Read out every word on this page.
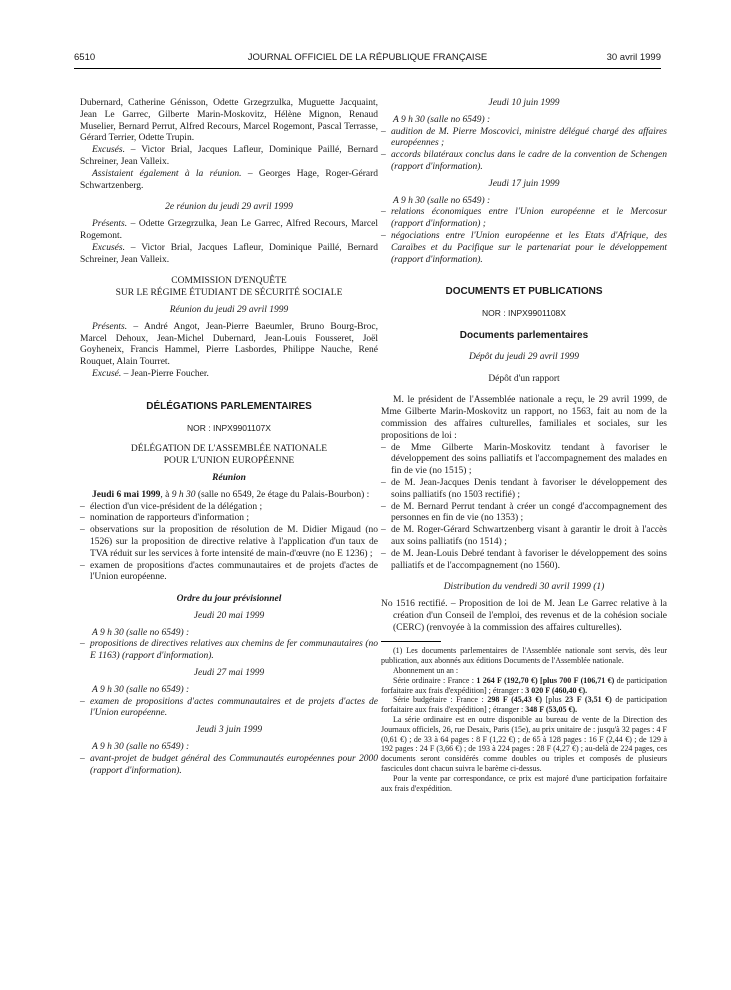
6510	JOURNAL OFFICIEL DE LA RÉPUBLIQUE FRANÇAISE	30 avril 1999

Dubernard, Catherine Génisson, Odette Grzegrzulka, Muguette Jacquaint, Jean Le Garrec, Gilberte Marin-Moskovitz, Hélène Mignon, Renaud Muselier, Bernard Perrut, Alfred Recours, Marcel Rogemont, Pascal Terrasse, Gérard Terrier, Odette Trupin.

Excusés. – Victor Brial, Jacques Lafleur, Dominique Paillé, Bernard Schreiner, Jean Valleix.

Assistaient également à la réunion. – Georges Hage, Roger-Gérard Schwartzenberg.

2e réunion du jeudi 29 avril 1999

Présents. – Odette Grzegrzulka, Jean Le Garrec, Alfred Recours, Marcel Rogemont.

Excusés. – Victor Brial, Jacques Lafleur, Dominique Paillé, Bernard Schreiner, Jean Valleix.

COMMISSION D'ENQUÊTE

SUR LE RÉGIME ÉTUDIANT DE SÉCURITÉ SOCIALE

Réunion du jeudi 29 avril 1999

Présents. – André Angot, Jean-Pierre Baeumler, Bruno Bourg-Broc, Marcel Dehoux, Jean-Michel Dubernard, Jean-Louis Fousseret, Joël Goyheneix, Francis Hammel, Pierre Lasbordes, Philippe Nauche, René Rouquet, Alain Tourret.

Excusé. – Jean-Pierre Foucher.

DÉLÉGATIONS PARLEMENTAIRES

NOR : INPX9901107X

DÉLÉGATION DE L'ASSEMBLÉE NATIONALE

POUR L'UNION EUROPÉENNE

Réunion

Jeudi 6 mai 1999, à 9 h 30 (salle no 6549, 2e étage du Palais-Bourbon) :

– élection d'un vice-président de la délégation ;
– nomination de rapporteurs d'information ;
– observations sur la proposition de résolution de M. Didier Migaud (no 1526) sur la proposition de directive relative à l'application d'un taux de TVA réduit sur les services à forte intensité de main-d'œuvre (no E 1236) ;
– examen de propositions d'actes communautaires et de projets d'actes de l'Union européenne.

Ordre du jour prévisionnel

Jeudi 20 mai 1999

A 9 h 30 (salle no 6549) :

– propositions de directives relatives aux chemins de fer communautaires (no E 1163) (rapport d'information).

Jeudi 27 mai 1999

A 9 h 30 (salle no 6549) :

– examen de propositions d'actes communautaires et de projets d'actes de l'Union européenne.

Jeudi 3 juin 1999

A 9 h 30 (salle no 6549) :

– avant-projet de budget général des Communautés européennes pour 2000 (rapport d'information).

Jeudi 10 juin 1999

A 9 h 30 (salle no 6549) :

– audition de M. Pierre Moscovici, ministre délégué chargé des affaires européennes ;
– accords bilatéraux conclus dans le cadre de la convention de Schengen (rapport d'information).

Jeudi 17 juin 1999

A 9 h 30 (salle no 6549) :

– relations économiques entre l'Union européenne et le Mercosur (rapport d'information) ;
– négociations entre l'Union européenne et les Etats d'Afrique, des Caraïbes et du Pacifique sur le partenariat pour le développement (rapport d'information).

DOCUMENTS ET PUBLICATIONS

NOR : INPX9901108X

Documents parlementaires

Dépôt du jeudi 29 avril 1999

Dépôt d'un rapport

M. le président de l'Assemblée nationale a reçu, le 29 avril 1999, de Mme Gilberte Marin-Moskovitz un rapport, no 1563, fait au nom de la commission des affaires culturelles, familiales et sociales, sur les propositions de loi :

– de Mme Gilberte Marin-Moskovitz tendant à favoriser le développement des soins palliatifs et l'accompagnement des malades en fin de vie (no 1515) ;
– de M. Jean-Jacques Denis tendant à favoriser le développement des soins palliatifs (no 1503 rectifié) ;
– de M. Bernard Perrut tendant à créer un congé d'accompagnement des personnes en fin de vie (no 1353) ;
– de M. Roger-Gérard Schwartzenberg visant à garantir le droit à l'accès aux soins palliatifs (no 1514) ;
– de M. Jean-Louis Debré tendant à favoriser le développement des soins palliatifs et de l'accompagnement (no 1560).

Distribution du vendredi 30 avril 1999 (1)

No 1516 rectifié. – Proposition de loi de M. Jean Le Garrec relative à la création d'un Conseil de l'emploi, des revenus et de la cohésion sociale (CERC) (renvoyée à la commission des affaires culturelles).

(1) Les documents parlementaires de l'Assemblée nationale sont servis, dès leur publication, aux abonnés aux éditions Documents de l'Assemblée nationale.

Abonnement un an :

Série ordinaire : France : 1 264 F (192,70 €) [plus 700 F (106,71 €) de participation forfaitaire aux frais d'expédition] ; étranger : 3 020 F (460,40 €).

Série budgétaire : France : 298 F (45,43 €) [plus 23 F (3,51 €) de participation forfaitaire aux frais d'expédition] ; étranger : 348 F (53,05 €).

La série ordinaire est en outre disponible au bureau de vente de la Direction des Journaux officiels, 26, rue Desaix, Paris (15e), au prix unitaire de : jusqu'à 32 pages : 4 F (0,61 €) ; de 33 à 64 pages : 8 F (1,22 €) ; de 65 à 128 pages : 16 F (2,44 €) ; de 129 à 192 pages : 24 F (3,66 €) ; de 193 à 224 pages : 28 F (4,27 €) ; au-delà de 224 pages, ces documents seront considérés comme doubles ou triples et composés de plusieurs fascicules dont chacun suivra le barème ci-dessus.

Pour la vente par correspondance, ce prix est majoré d'une participation forfaitaire aux frais d'expédition.
